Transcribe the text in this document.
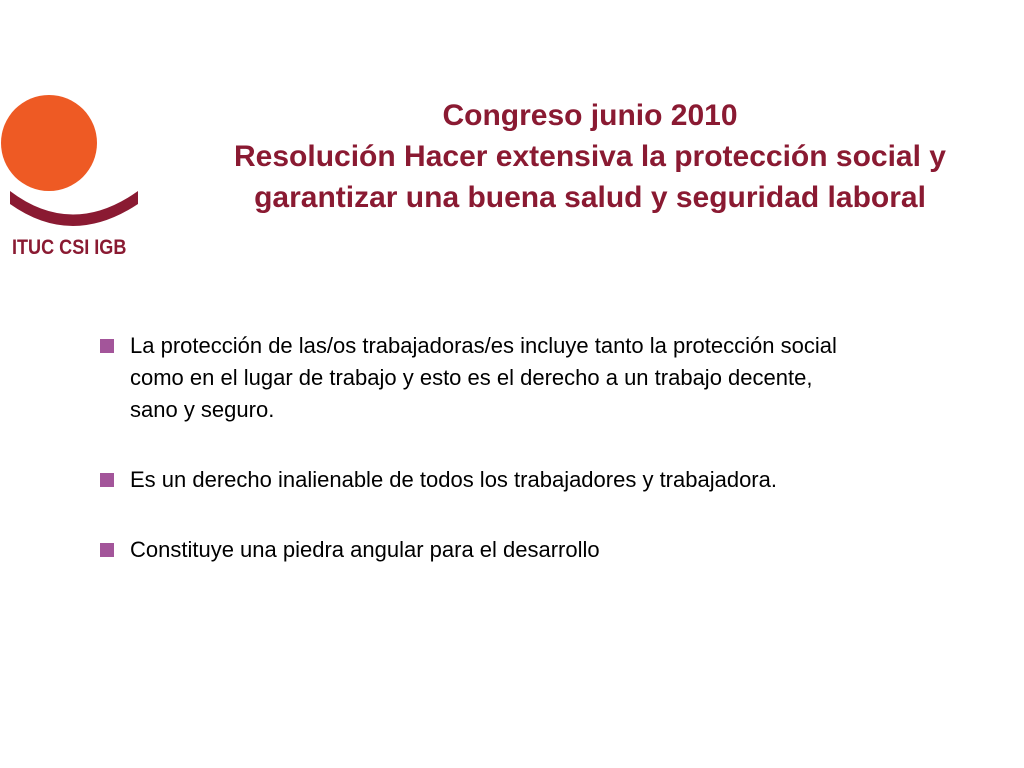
ITUC CSI IGB
Congreso junio 2010
Resolución Hacer extensiva la protección social y
garantizar una buena salud y seguridad laboral
La protección de las/os trabajadoras/es incluye tanto la protección social
como en el lugar de trabajo y esto es el derecho a un trabajo decente,
sano y seguro.
Es un derecho inalienable de todos los trabajadores y trabajadora.
Constituye una piedra angular para el desarrollo
